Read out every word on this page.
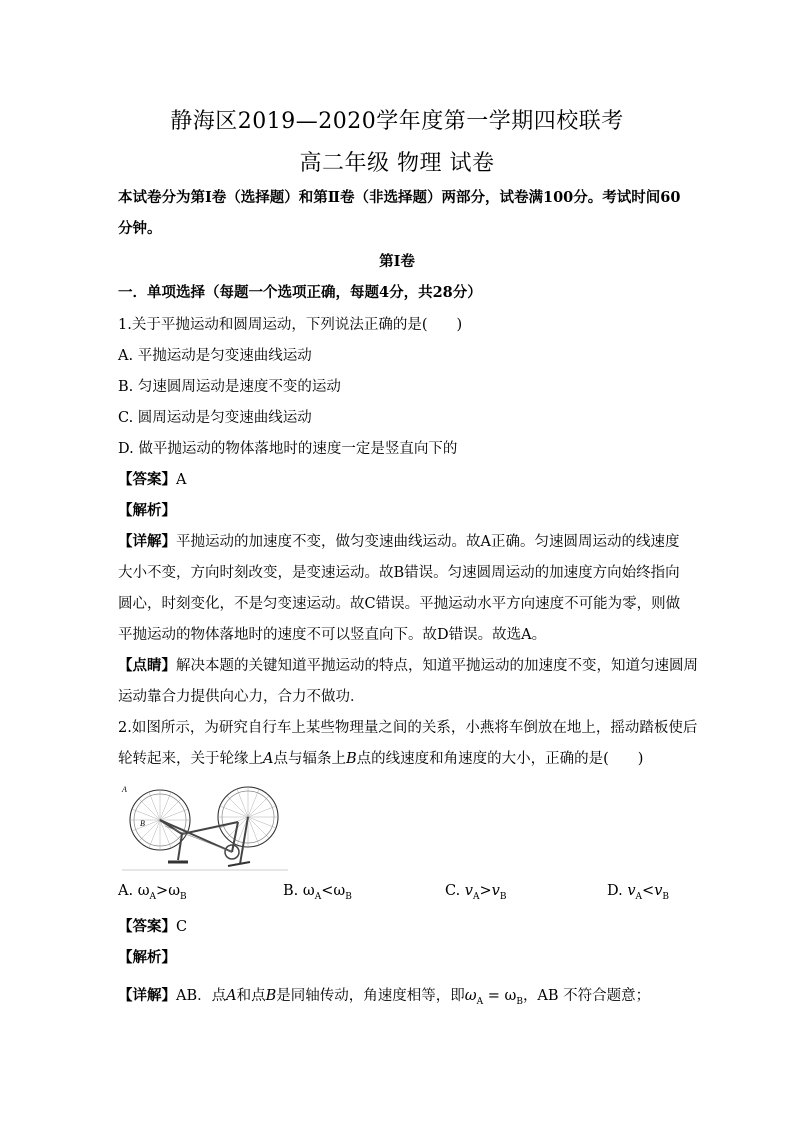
静海区2019—2020学年度第一学期四校联考
高二年级 物理 试卷
本试卷分为第Ⅰ卷（选择题）和第Ⅱ卷（非选择题）两部分，试卷满100分。考试时间60
分钟。
第Ⅰ卷
一．单项选择（每题一个选项正确，每题4分，共28分）
1.关于平抛运动和圆周运动，下列说法正确的是(　　)
A. 平抛运动是匀变速曲线运动
B. 匀速圆周运动是速度不变的运动
C. 圆周运动是匀变速曲线运动
D. 做平抛运动的物体落地时的速度一定是竖直向下的
【答案】A
【解析】
【详解】平抛运动的加速度不变，做匀变速曲线运动。故A正确。匀速圆周运动的线速度
大小不变，方向时刻改变，是变速运动。故B错误。匀速圆周运动的加速度方向始终指向
圆心，时刻变化，不是匀变速运动。故C错误。平抛运动水平方向速度不可能为零，则做
平抛运动的物体落地时的速度不可以竖直向下。故D错误。故选A。
【点睛】解决本题的关键知道平抛运动的特点，知道平抛运动的加速度不变，知道匀速圆周
运动靠合力提供向心力，合力不做功．
2.如图所示，为研究自行车上某些物理量之间的关系，小燕将车倒放在地上，摇动踏板使后
轮转起来，关于轮缘上A点与辐条上B点的线速度和角速度的大小，正确的是(　　)
A
B
A. $\omega_A>\omega_B$	B. $\omega_A<\omega_B$	C. $v_A>v_B$	D. $v_A<v_B$
【答案】C
【解析】
【详解】AB．点A和点B是同轴传动，角速度相等，即$\omega_A = \omega_B$，AB 不符合题意；
